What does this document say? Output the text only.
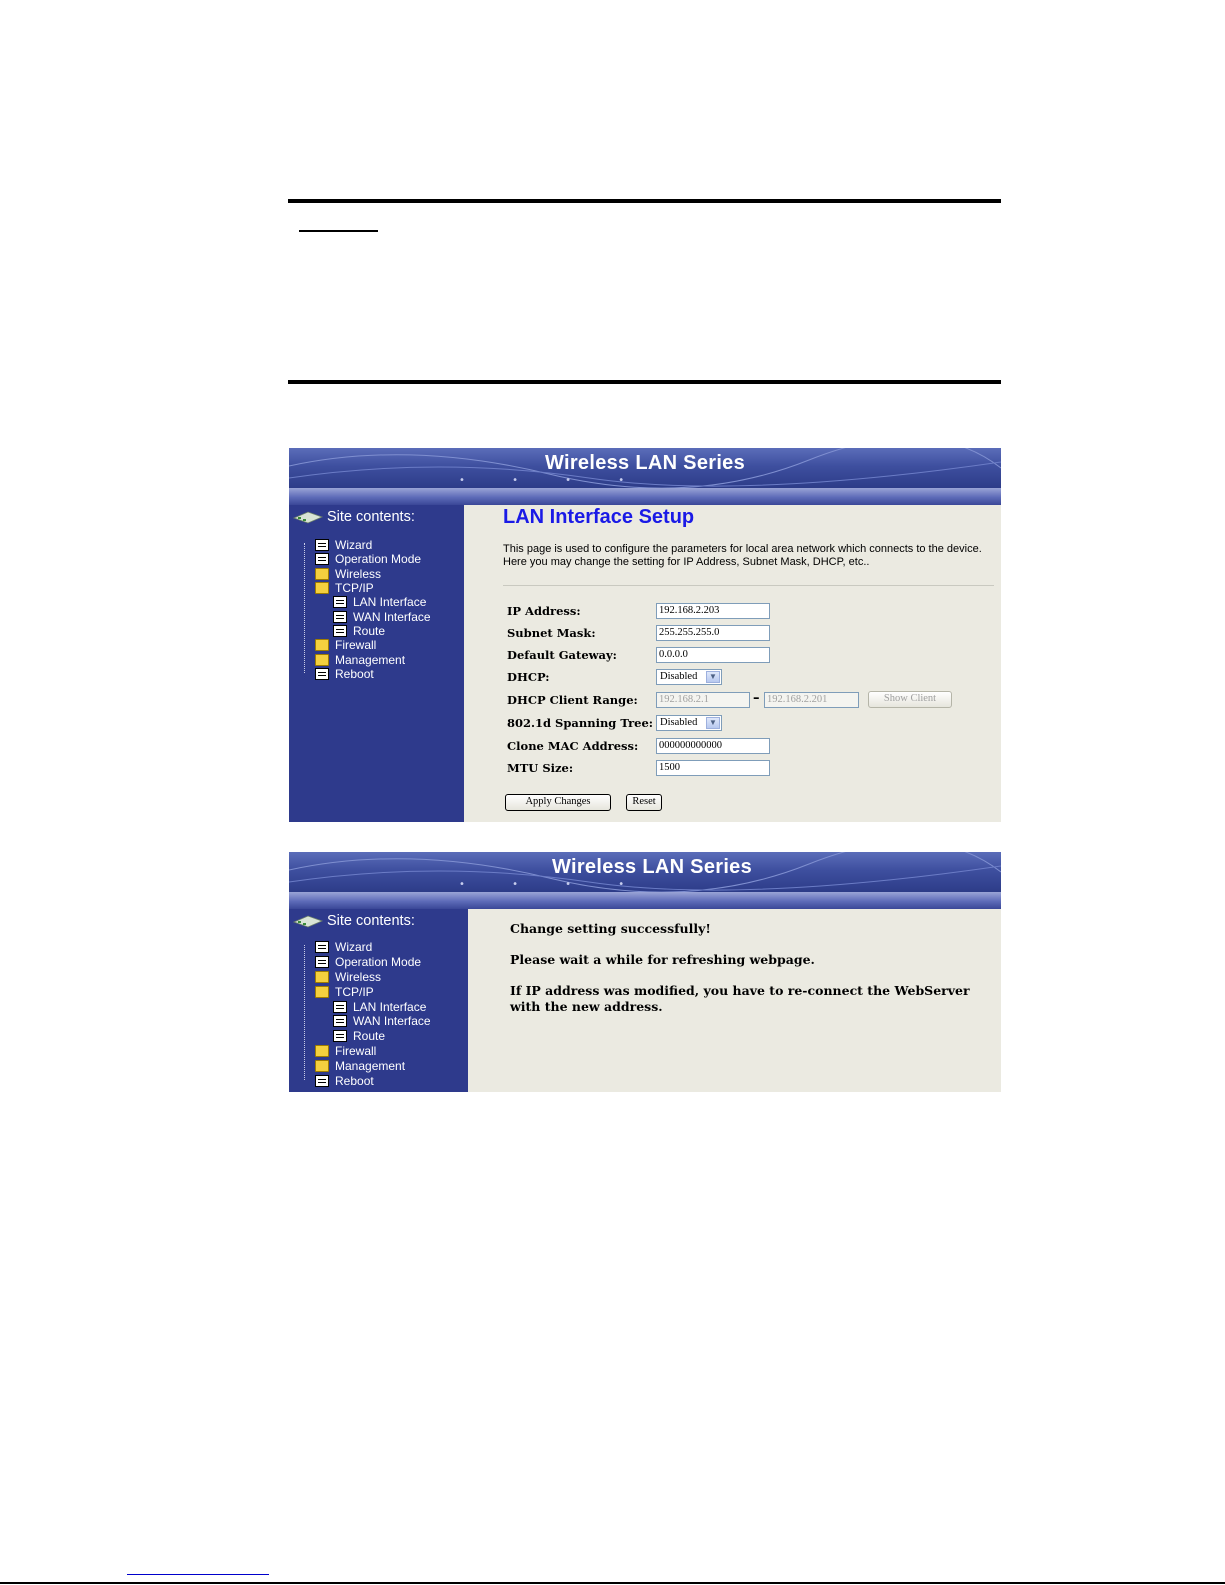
• • • •
Wireless LAN Series
Site contents:
Wizard
Operation Mode
Wireless
TCP/IP
LAN Interface
WAN Interface
Route
Firewall
Management
Reboot
LAN Interface Setup
This page is used to configure the parameters for local area network which connects to the device. Here you may change the setting for IP Address, Subnet Mask, DHCP, etc..
IP Address:	192.168.2.203
Subnet Mask:	255.255.255.0
Default Gateway:	0.0.0.0
DHCP:	Disabled	▼
DHCP Client Range: 192.168.2.1	– 192.168.2.201	Show Client
802.1d Spanning Tree: Disabled	▼
Clone MAC Address: 000000000000
MTU Size:	1500
Apply Changes	Reset
• • • •
Wireless LAN Series
Site contents:
Wizard
Operation Mode
Wireless
TCP/IP
LAN Interface
WAN Interface
Route
Firewall
Management
Reboot
Change setting successfully!
Please wait a while for refreshing webpage.
If IP address was modified, you have to re-connect the WebServer with the new address.
